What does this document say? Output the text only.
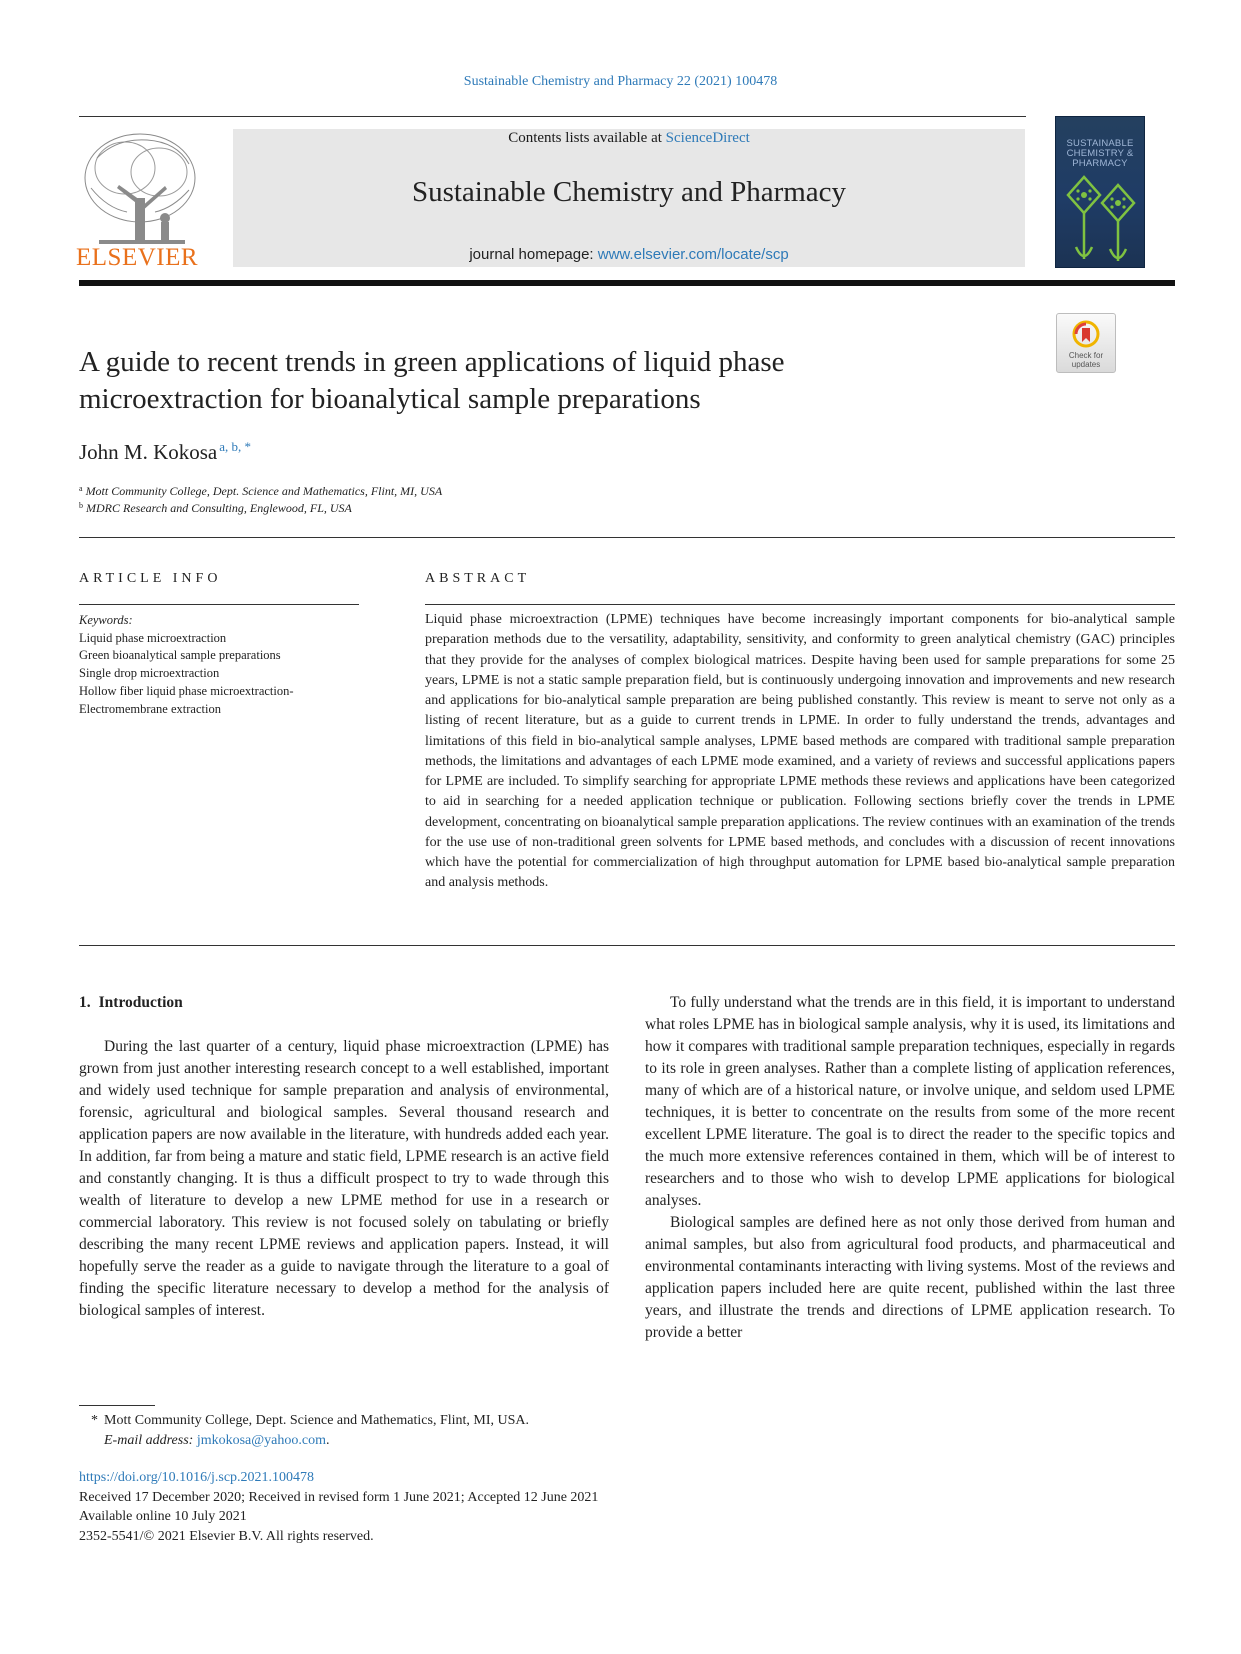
Sustainable Chemistry and Pharmacy 22 (2021) 100478
ELSEVIER
Contents lists available at ScienceDirect
Sustainable Chemistry and Pharmacy
journal homepage: www.elsevier.com/locate/scp
SUSTAINABLE CHEMISTRY & PHARMACY
Check for updates
A guide to recent trends in green applications of liquid phase microextraction for bioanalytical sample preparations
John M. Kokosa $^{a, b, *}$
$^a$ Mott Community College, Dept. Science and Mathematics, Flint, MI, USA
$^b$ MDRC Research and Consulting, Englewood, FL, USA
ARTICLE INFO	ABSTRACT
Keywords:
Liquid phase microextraction
Green bioanalytical sample preparations
Single drop microextraction
Hollow fiber liquid phase microextraction-
Electromembrane extraction
Liquid phase microextraction (LPME) techniques have become increasingly important components for bio-analytical sample preparation methods due to the versatility, adaptability, sensitivity, and conformity to green analytical chemistry (GAC) principles that they provide for the analyses of complex biological matrices. Despite having been used for sample preparations for some 25 years, LPME is not a static sample preparation field, but is continuously undergoing innovation and improvements and new research and applications for bio-analytical sample preparation are being published constantly. This review is meant to serve not only as a listing of recent literature, but as a guide to current trends in LPME. In order to fully understand the trends, advantages and limitations of this field in bio-analytical sample analyses, LPME based methods are compared with traditional sample preparation methods, the limitations and advantages of each LPME mode examined, and a variety of reviews and successful applications papers for LPME are included. To simplify searching for appropriate LPME methods these reviews and applications have been categorized to aid in searching for a needed application technique or publication. Following sections briefly cover the trends in LPME development, concentrating on bioanalytical sample preparation applications. The review continues with an examination of the trends for the use use of non-traditional green solvents for LPME based methods, and concludes with a discussion of recent innovations which have the potential for commercialization of high throughput automation for LPME based bio-analytical sample preparation and analysis methods.
1. Introduction

During the last quarter of a century, liquid phase microextraction (LPME) has grown from just another interesting research concept to a well established, important and widely used technique for sample preparation and analysis of environmental, forensic, agricultural and biological samples. Several thousand research and application papers are now available in the literature, with hundreds added each year. In addition, far from being a mature and static field, LPME research is an active field and constantly changing. It is thus a difficult prospect to try to wade through this wealth of literature to develop a new LPME method for use in a research or commercial laboratory. This review is not focused solely on tabulating or briefly describing the many recent LPME reviews and application papers. Instead, it will hopefully serve the reader as a guide to navigate through the literature to a goal of finding the specific literature necessary to develop a method for the analysis of biological samples of interest.

To fully understand what the trends are in this field, it is important to understand what roles LPME has in biological sample analysis, why it is used, its limitations and how it compares with traditional sample preparation techniques, especially in regards to its role in green analyses. Rather than a complete listing of application references, many of which are of a historical nature, or involve unique, and seldom used LPME techniques, it is better to concentrate on the results from some of the more recent excellent LPME literature. The goal is to direct the reader to the specific topics and the much more extensive references contained in them, which will be of interest to researchers and to those who wish to develop LPME applications for biological analyses.

Biological samples are defined here as not only those derived from human and animal samples, but also from agricultural food products, and pharmaceutical and environmental contaminants interacting with living systems. Most of the reviews and application papers included here are quite recent, published within the last three years, and illustrate the trends and directions of LPME application research. To provide a better

* Mott Community College, Dept. Science and Mathematics, Flint, MI, USA.
E-mail address: jmkokosa@yahoo.com.
https://doi.org/10.1016/j.scp.2021.100478
Received 17 December 2020; Received in revised form 1 June 2021; Accepted 12 June 2021
Available online 10 July 2021
2352-5541/© 2021 Elsevier B.V. All rights reserved.
